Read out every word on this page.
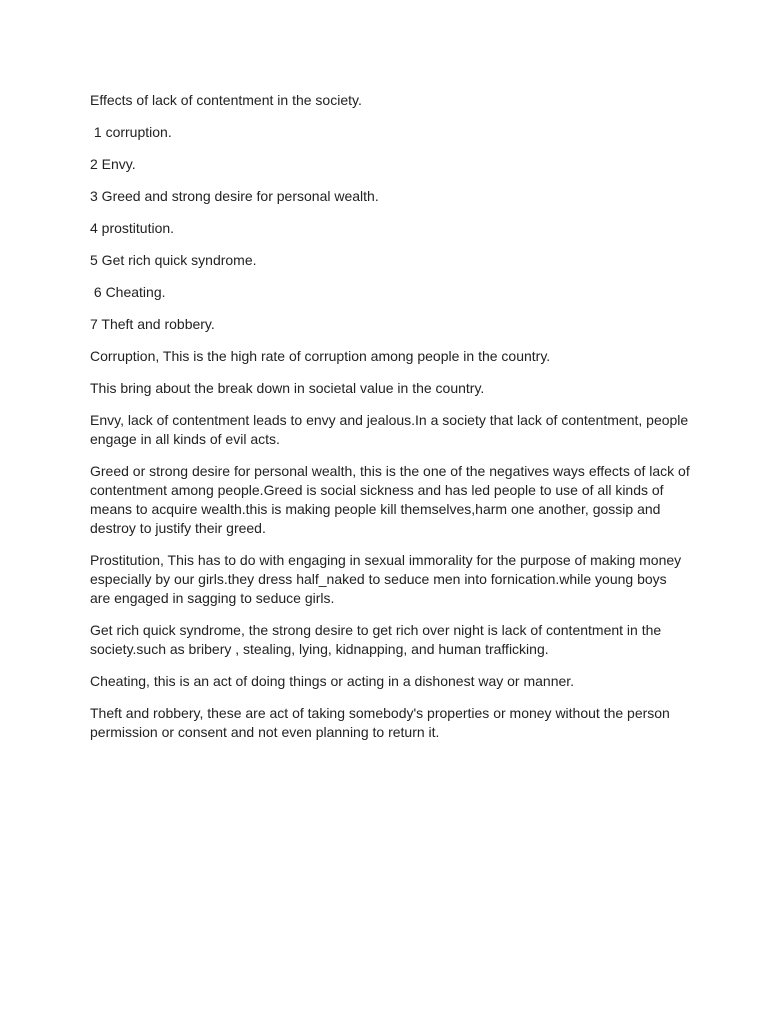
Effects of lack of contentment in the society.

1 corruption.

2 Envy.

3 Greed and strong desire for personal wealth.

4 prostitution.

5 Get rich quick syndrome.

6 Cheating.

7 Theft and robbery.

Corruption, This is the high rate of corruption among people in the country.

This bring about the break down in societal value in the country.

Envy, lack of contentment leads to envy and jealous.In a society that lack of contentment, people engage in all kinds of evil acts.

Greed or strong desire for personal wealth, this is the one of the negatives ways effects of lack of contentment among people.Greed is social sickness and has led people to use of all kinds of means to acquire wealth.this is making people kill themselves,harm one another, gossip and destroy to justify their greed.

Prostitution, This has to do with engaging in sexual immorality for the purpose of making money especially by our girls.they dress half_naked to seduce men into fornication.while young boys are engaged in sagging to seduce girls.

Get rich quick syndrome, the strong desire to get rich over night is lack of contentment in the society.such as bribery , stealing, lying, kidnapping, and human trafficking.

Cheating, this is an act of doing things or acting in a dishonest way or manner.

Theft and robbery, these are act of taking somebody's properties or money without the person permission or consent and not even planning to return it.
